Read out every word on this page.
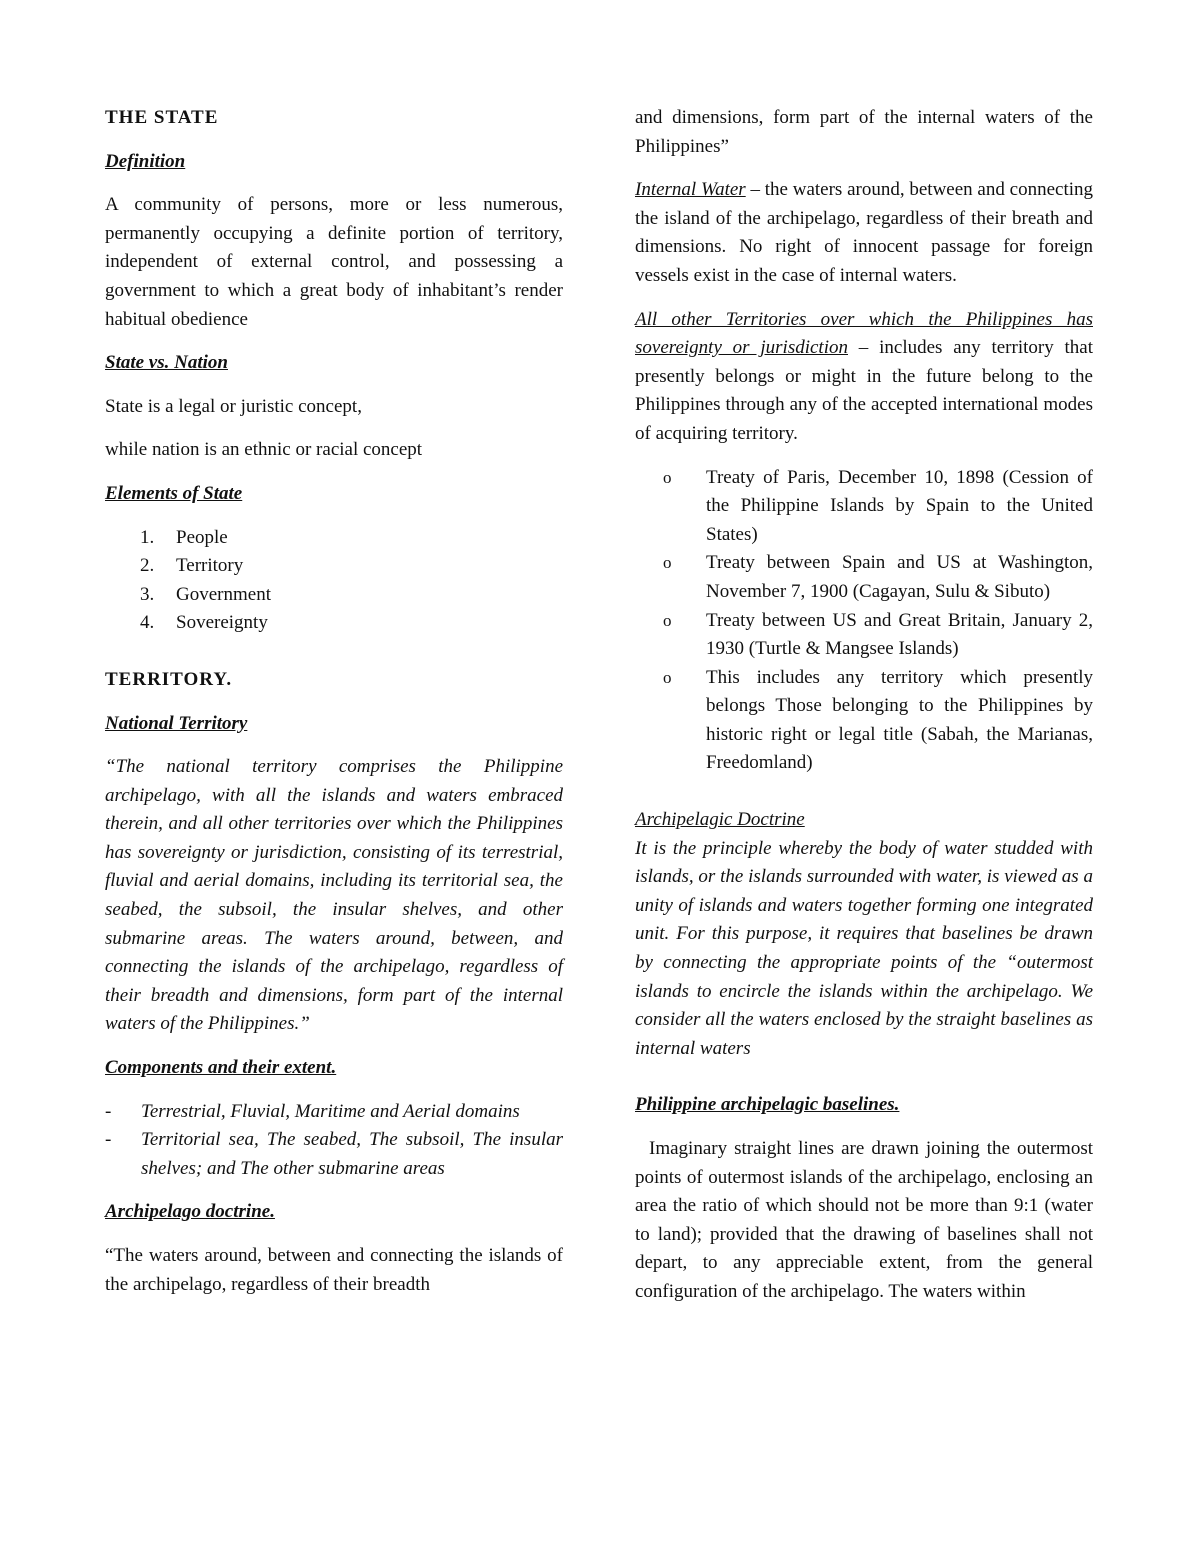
THE STATE

Definition

A community of persons, more or less numerous, permanently occupying a definite portion of territory, independent of external control, and possessing a government to which a great body of inhabitant’s render habitual obedience

State vs. Nation

State is a legal or juristic concept,

while nation is an ethnic or racial concept

Elements of State

1. People
2. Territory
3. Government
4. Sovereignty

TERRITORY.

National Territory

“The national territory comprises the Philippine archipelago, with all the islands and waters embraced therein, and all other territories over which the Philippines has sovereignty or jurisdiction, consisting of its terrestrial, fluvial and aerial domains, including its territorial sea, the seabed, the subsoil, the insular shelves, and other submarine areas. The waters around, between, and connecting the islands of the archipelago, regardless of their breadth and dimensions, form part of the internal waters of the Philippines.”

Components and their extent.

- Terrestrial, Fluvial, Maritime and Aerial domains
- Territorial sea, The seabed, The subsoil, The insular shelves; and The other submarine areas

Archipelago doctrine.

“The waters around, between and connecting the islands of the archipelago, regardless of their breadth

and dimensions, form part of the internal waters of the Philippines”

Internal Water – the waters around, between and connecting the island of the archipelago, regardless of their breath and dimensions. No right of innocent passage for foreign vessels exist in the case of internal waters.

All other Territories over which the Philippines has sovereignty or jurisdiction – includes any territory that presently belongs or might in the future belong to the Philippines through any of the accepted international modes of acquiring territory.

o Treaty of Paris, December 10, 1898 (Cession of the Philippine Islands by Spain to the United States)
o Treaty between Spain and US at Washington, November 7, 1900 (Cagayan, Sulu & Sibuto)
o Treaty between US and Great Britain, January 2, 1930 (Turtle & Mangsee Islands)
o This includes any territory which presently belongs Those belonging to the Philippines by historic right or legal title (Sabah, the Marianas, Freedomland)

Archipelagic Doctrine

It is the principle whereby the body of water studded with islands, or the islands surrounded with water, is viewed as a unity of islands and waters together forming one integrated unit. For this purpose, it requires that baselines be drawn by connecting the appropriate points of the “outermost islands to encircle the islands within the archipelago. We consider all the waters enclosed by the straight baselines as internal waters

Philippine archipelagic baselines.

Imaginary straight lines are drawn joining the outermost points of outermost islands of the archipelago, enclosing an area the ratio of which should not be more than 9:1 (water to land); provided that the drawing of baselines shall not depart, to any appreciable extent, from the general configuration of the archipelago. The waters within
